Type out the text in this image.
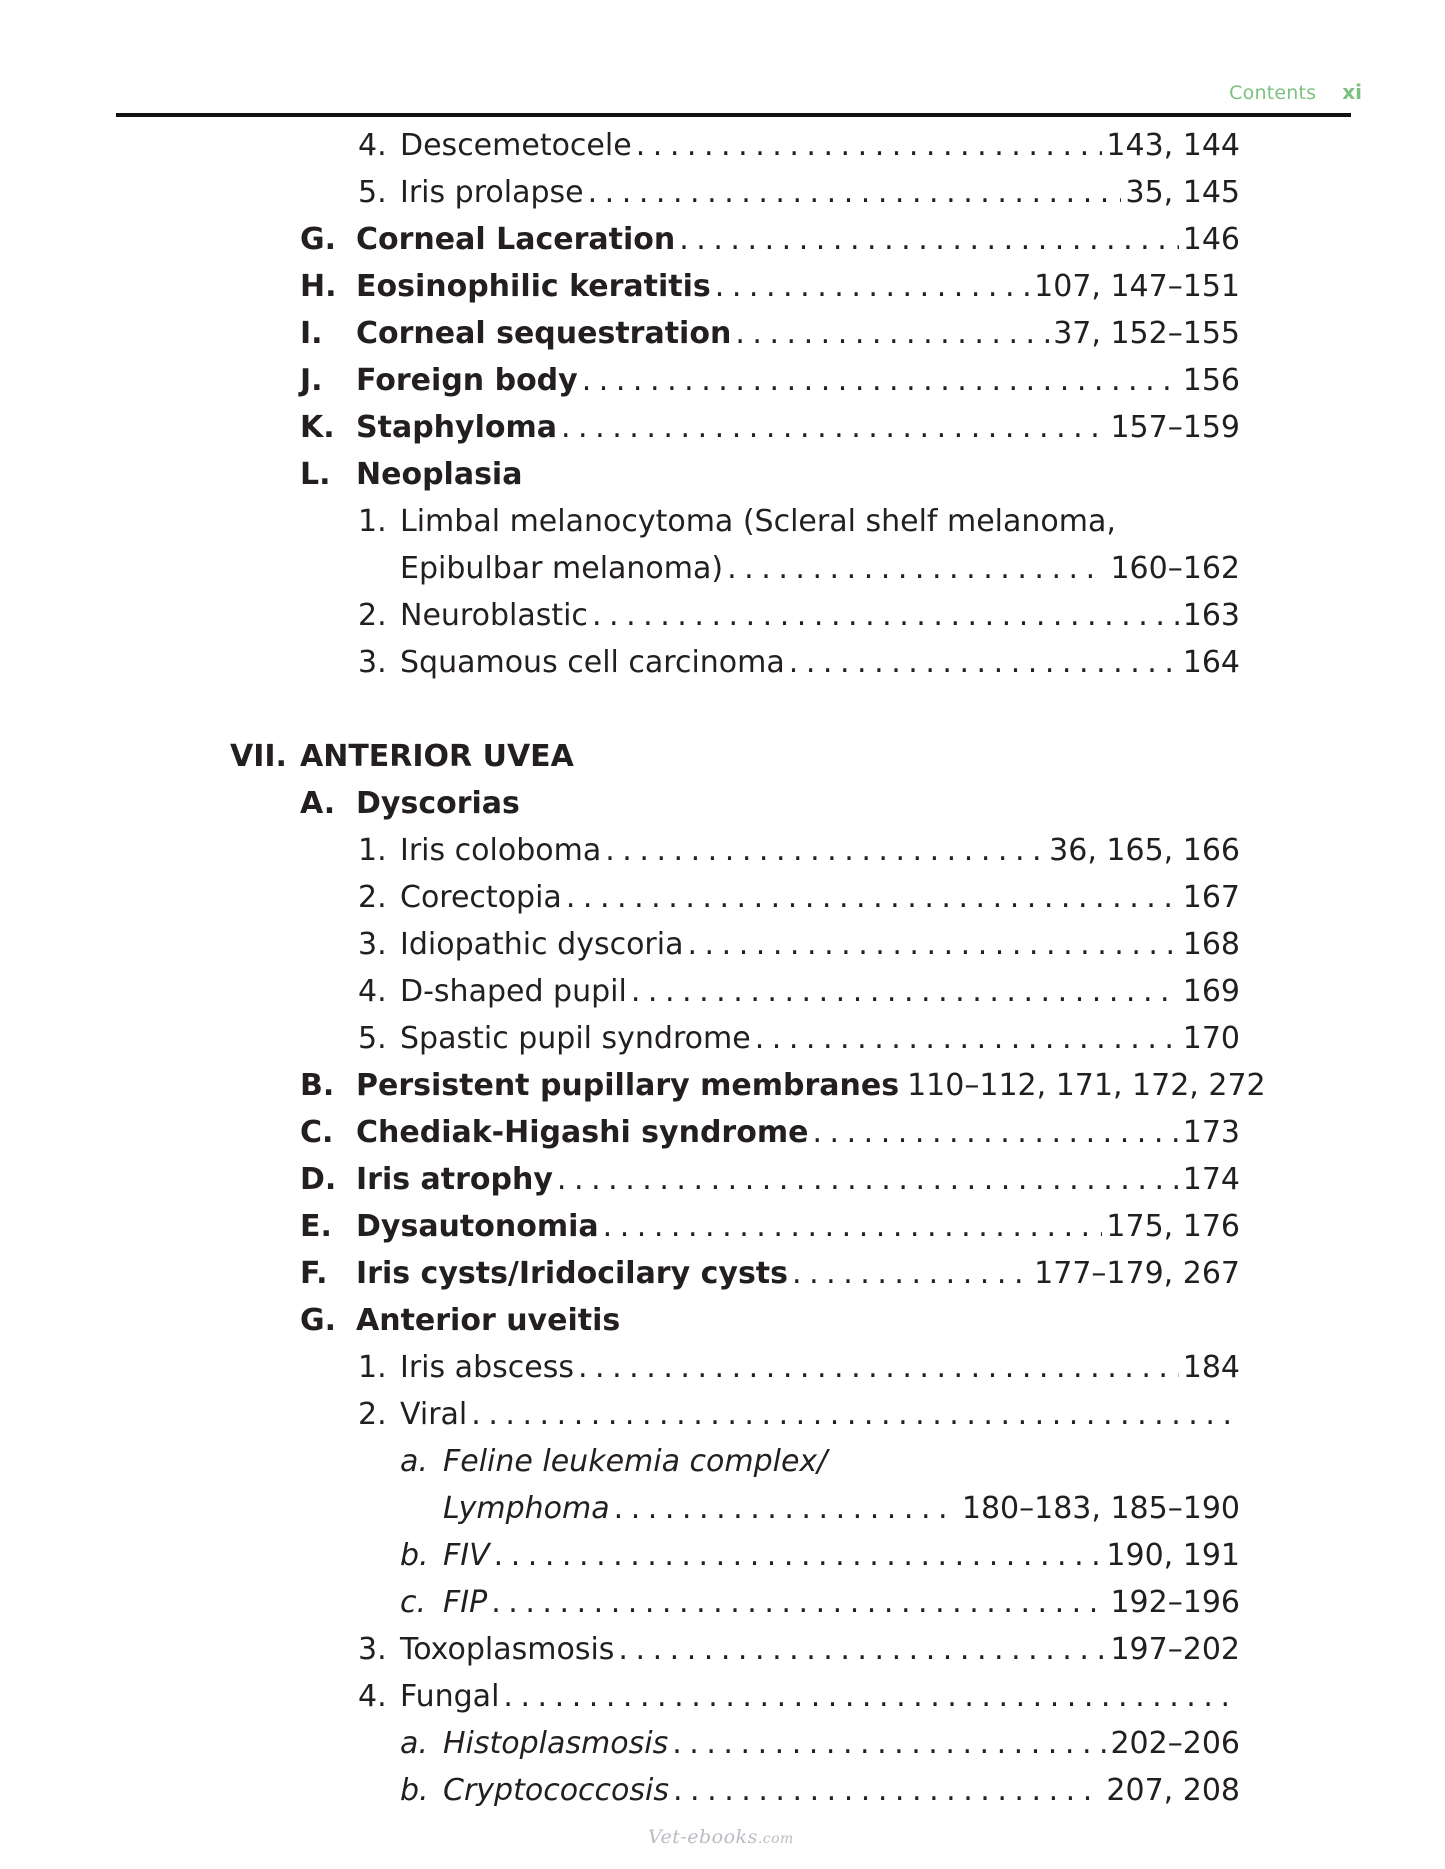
Contents xi
4. Descemetocele . . .	143, 144
5. Iris prolapse . . .	35, 145
G. Corneal Laceration . . .	146
H. Eosinophilic keratitis . . .	107, 147–151
I.	Corneal sequestration . . .	37, 152–155
J.	Foreign body . . .	156
K. Staphyloma . . .	157–159
L. Neoplasia
1. Limbal melanocytoma (Scleral shelf melanoma,
Epibulbar melanoma) . . .	160–162
2. Neuroblastic . . .	163
3. Squamous cell carcinoma . . .	164
VII. ANTERIOR UVEA
A. Dyscorias
1. Iris coloboma . . .	36, 165, 166
2. Corectopia . . .	167
3. Idiopathic dyscoria . . .	168
4. D-shaped pupil . . .	169
5. Spastic pupil syndrome . . .	170
B. Persistent pupillary membranes 110–112, 171, 172, 272
C. Chediak-Higashi syndrome . . .	173
D. Iris atrophy . . .	174
E. Dysautonomia . . .	175, 176
F. Iris cysts/Iridocilary cysts . . .	177–179, 267
G. Anterior uveitis
1. Iris abscess . . .	184
2. Viral
. . .
a. Feline leukemia complex/
Lymphoma . . .	180–183, 185–190
b. FIV . . .	190, 191
c. FIP . . .	192–196
3. Toxoplasmosis . . .	197–202
4. Fungal
. . .
a. Histoplasmosis . . .	202–206
b. Cryptococcosis . . .	207, 208
Vet-ebooks.com
